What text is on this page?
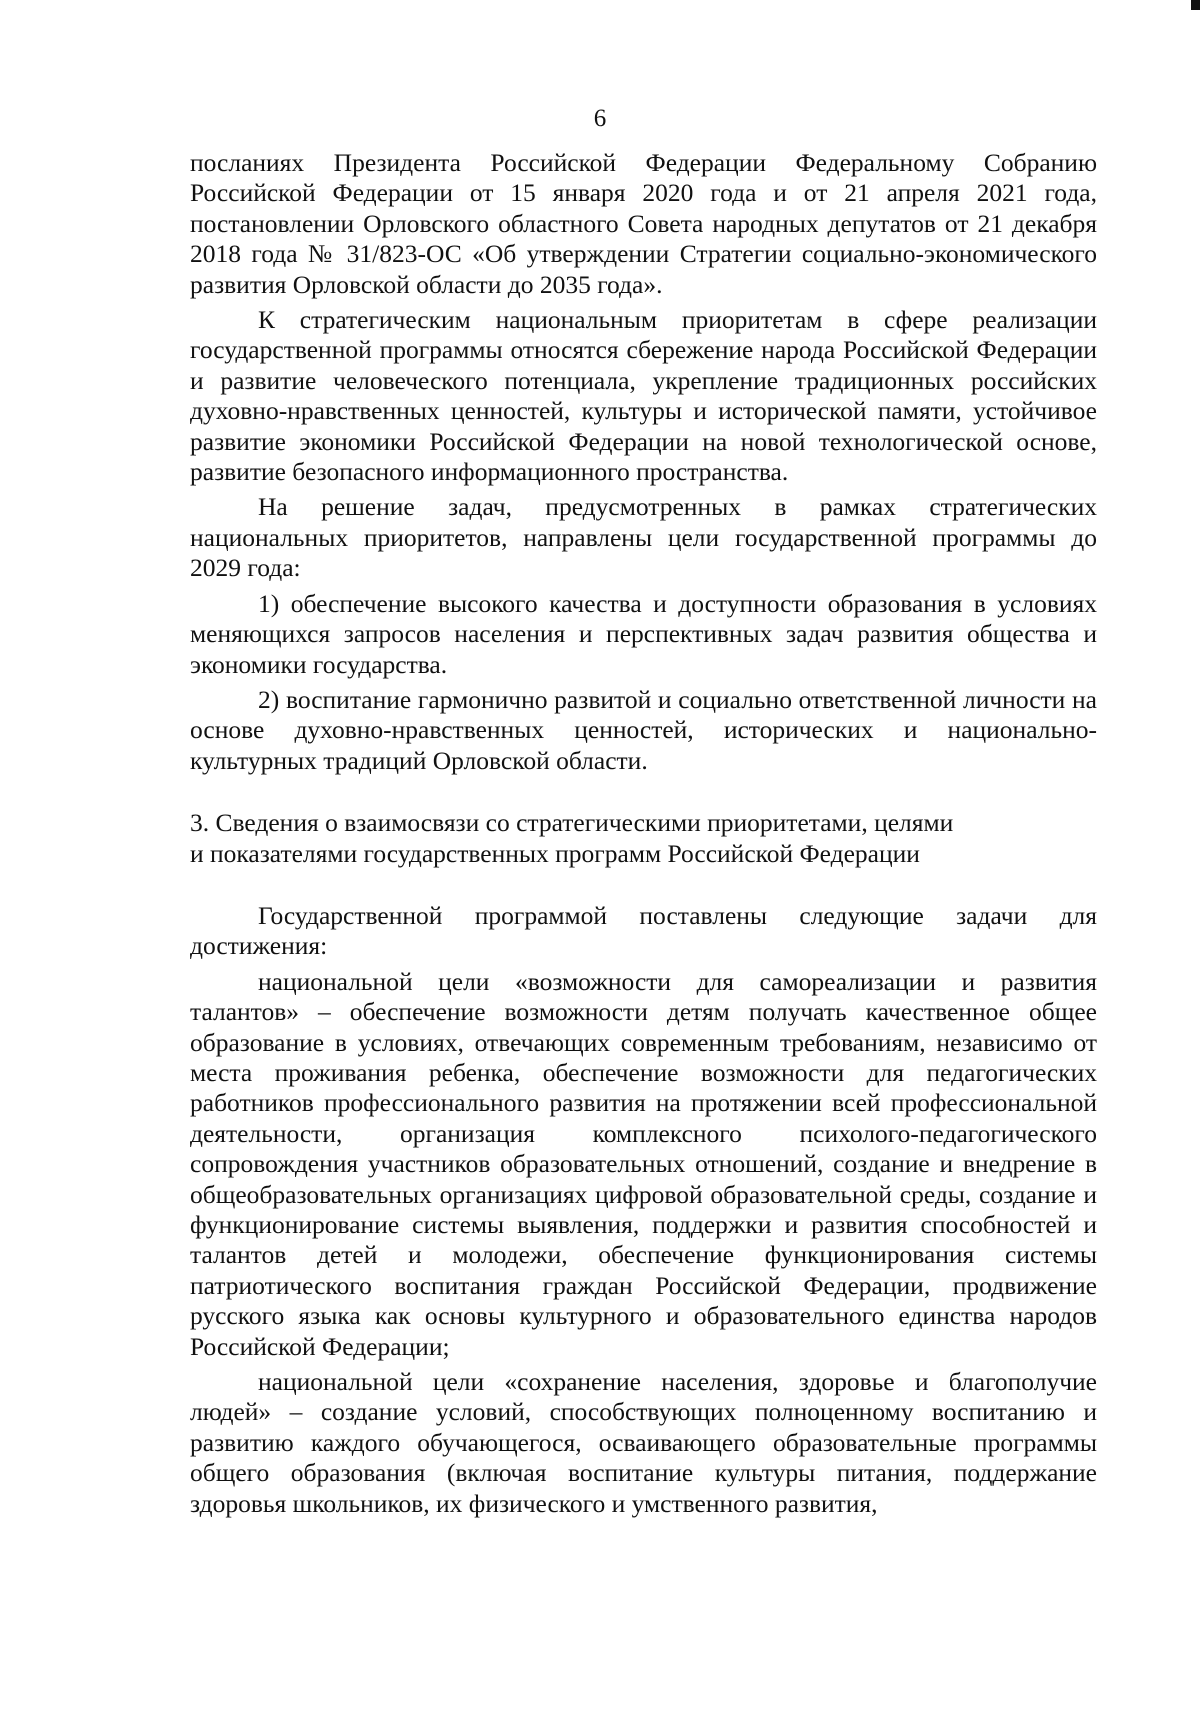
6

посланиях Президента Российской Федерации Федеральному Собранию Российской Федерации от 15 января 2020 года и от 21 апреля 2021 года, постановлении Орловского областного Совета народных депутатов от 21 декабря 2018 года № 31/823-ОС «Об утверждении Стратегии социально-экономического развития Орловской области до 2035 года».

К стратегическим национальным приоритетам в сфере реализации государственной программы относятся сбережение народа Российской Федерации и развитие человеческого потенциала, укрепление традиционных российских духовно-нравственных ценностей, культуры и исторической памяти, устойчивое развитие экономики Российской Федерации на новой технологической основе, развитие безопасного информационного пространства.

На решение задач, предусмотренных в рамках стратегических национальных приоритетов, направлены цели государственной программы до 2029 года:

1) обеспечение высокого качества и доступности образования в условиях меняющихся запросов населения и перспективных задач развития общества и экономики государства.

2) воспитание гармонично развитой и социально ответственной личности на основе духовно-нравственных ценностей, исторических и национально-культурных традиций Орловской области.

3. Сведения о взаимосвязи со стратегическими приоритетами, целями
и показателями государственных программ Российской Федерации

Государственной программой поставлены следующие задачи для достижения:

национальной цели «возможности для самореализации и развития талантов» – обеспечение возможности детям получать качественное общее образование в условиях, отвечающих современным требованиям, независимо от места проживания ребенка, обеспечение возможности для педагогических работников профессионального развития на протяжении всей профессиональной деятельности, организация комплексного психолого-педагогического сопровождения участников образовательных отношений, создание и внедрение в общеобразовательных организациях цифровой образовательной среды, создание и функционирование системы выявления, поддержки и развития способностей и талантов детей и молодежи, обеспечение функционирования системы патриотического воспитания граждан Российской Федерации, продвижение русского языка как основы культурного и образовательного единства народов Российской Федерации;

национальной цели «сохранение населения, здоровье и благополучие людей» – создание условий, способствующих полноценному воспитанию и развитию каждого обучающегося, осваивающего образовательные программы общего образования (включая воспитание культуры питания, поддержание здоровья школьников, их физического и умственного развития,
